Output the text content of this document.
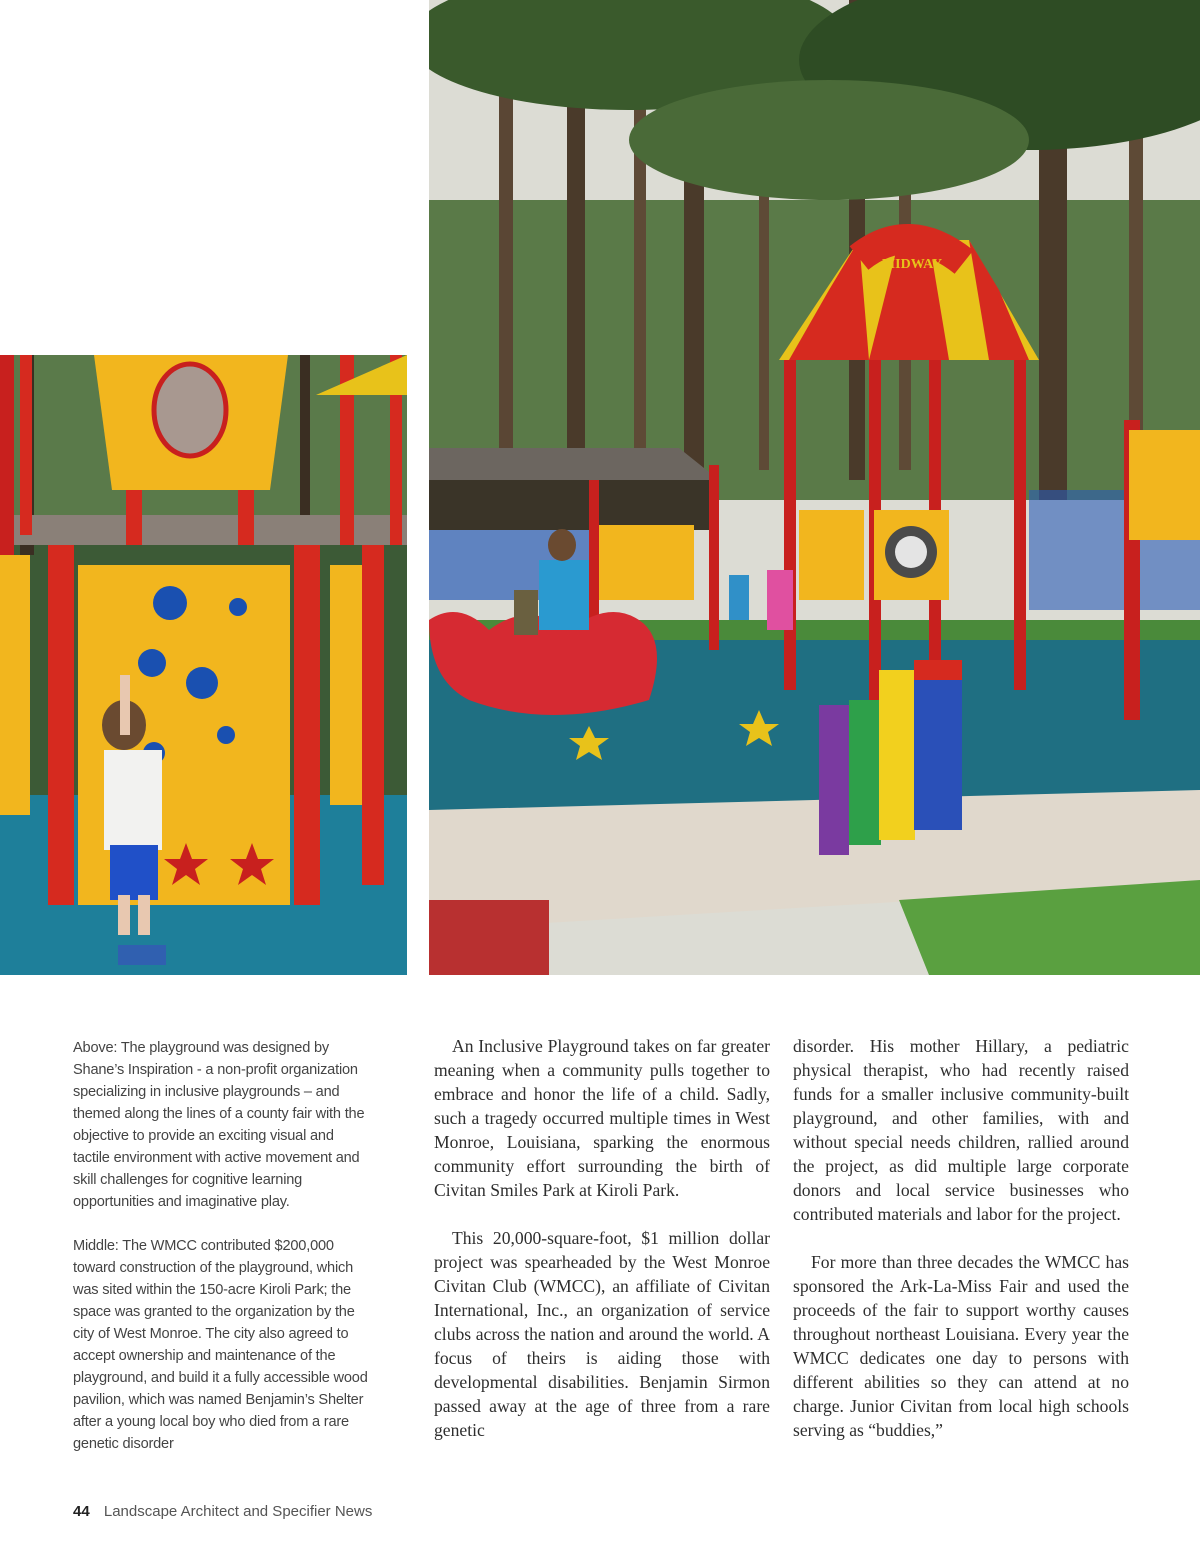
MIDWAY

Above: The playground was designed by Shane’s Inspiration - a non-profit organization specializing in inclusive playgrounds – and themed along the lines of a county fair with the objective to provide an exciting visual and tactile environment with active movement and skill challenges for cognitive learning opportunities and imaginative play.

Middle: The WMCC contributed $200,000 toward construction of the playground, which was sited within the 150-acre Kiroli Park; the space was granted to the organization by the city of West Monroe. The city also agreed to accept ownership and maintenance of the playground, and build it a fully accessible wood pavilion, which was named Benjamin’s Shelter after a young local boy who died from a rare genetic disorder

An Inclusive Playground takes on far greater meaning when a community pulls together to embrace and honor the life of a child. Sadly, such a tragedy occurred multiple times in West Monroe, Louisiana, sparking the enormous community effort surrounding the birth of Civitan Smiles Park at Kiroli Park.

This 20,000-square-foot, $1 million dollar project was spearheaded by the West Monroe Civitan Club (WMCC), an affiliate of Civitan International, Inc., an organization of service clubs across the nation and around the world. A focus of theirs is aiding those with developmental disabilities. Benjamin Sirmon passed away at the age of three from a rare genetic

disorder. His mother Hillary, a pediatric physical therapist, who had recently raised funds for a smaller inclusive community-built playground, and other families, with and without special needs children, rallied around the project, as did multiple large corporate donors and local service businesses who contributed materials and labor for the project.

For more than three decades the WMCC has sponsored the Ark-La-Miss Fair and used the proceeds of the fair to support worthy causes throughout northeast Louisiana. Every year the WMCC dedicates one day to persons with different abilities so they can attend at no charge. Junior Civitan from local high schools serving as “buddies,”

44 Landscape Architect and Specifier News
